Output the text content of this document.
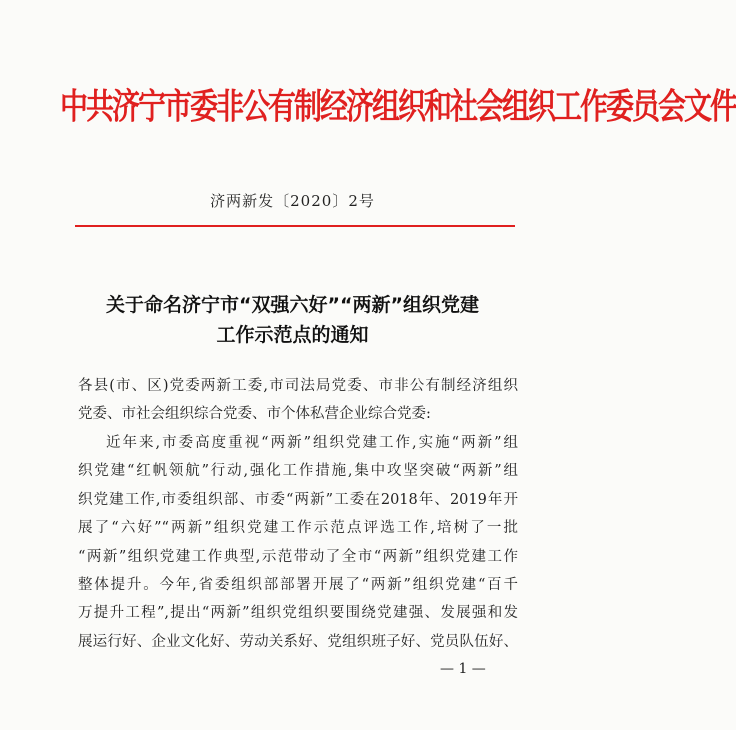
中共济宁市委非公有制经济组织和社会组织工作委员会文件
济两新发〔2020〕2号
关于命名济宁市“双强六好”“两新”组织党建
工作示范点的通知
各县(市、区)党委两新工委,市司法局党委、市非公有制经济组织
党委、市社会组织综合党委、市个体私营企业综合党委:
近年来,市委高度重视“两新”组织党建工作,实施“两新”组
织党建“红帆领航”行动,强化工作措施,集中攻坚突破“两新”组
织党建工作,市委组织部、市委“两新”工委在2018年、2019年开
展了“六好”“两新”组织党建工作示范点评选工作,培树了一批
“两新”组织党建工作典型,示范带动了全市“两新”组织党建工作
整体提升。今年,省委组织部部署开展了“两新”组织党建“百千
万提升工程”,提出“两新”组织党组织要围绕党建强、发展强和发
展运行好、企业文化好、劳动关系好、党组织班子好、党员队伍好、
— 1 —
